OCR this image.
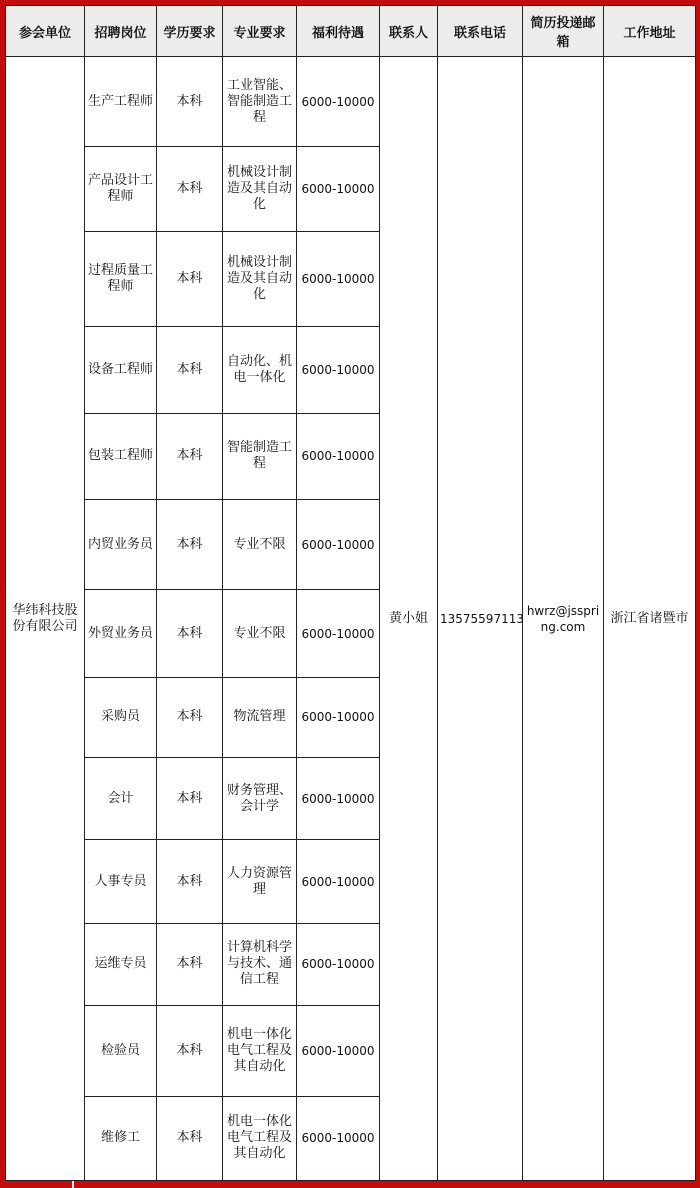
参会单位	招聘岗位	学历要求	专业要求	福利待遇	联系人	联系电话	简历投递邮箱	工作地址
华纬科技股份有限公司	生产工程师	本科	工业智能、智能制造工程	6000-10000	黄小姐	13575597113	hwrz@jsspring.com	浙江省诸暨市
	产品设计工程师	本科	机械设计制造及其自动化	6000-10000				
	过程质量工程师	本科	机械设计制造及其自动化	6000-10000				
	设备工程师	本科	自动化、机电一体化	6000-10000				
	包装工程师	本科	智能制造工程	6000-10000				
	内贸业务员	本科	专业不限	6000-10000				
	外贸业务员	本科	专业不限	6000-10000				
	采购员	本科	物流管理	6000-10000				
	会计	本科	财务管理、会计学	6000-10000				
	人事专员	本科	人力资源管理	6000-10000				
	运维专员	本科	计算机科学与技术、通信工程	6000-10000				
	检验员	本科	机电一体化电气工程及其自动化	6000-10000				
	维修工	本科	机电一体化电气工程及其自动化	6000-10000				
